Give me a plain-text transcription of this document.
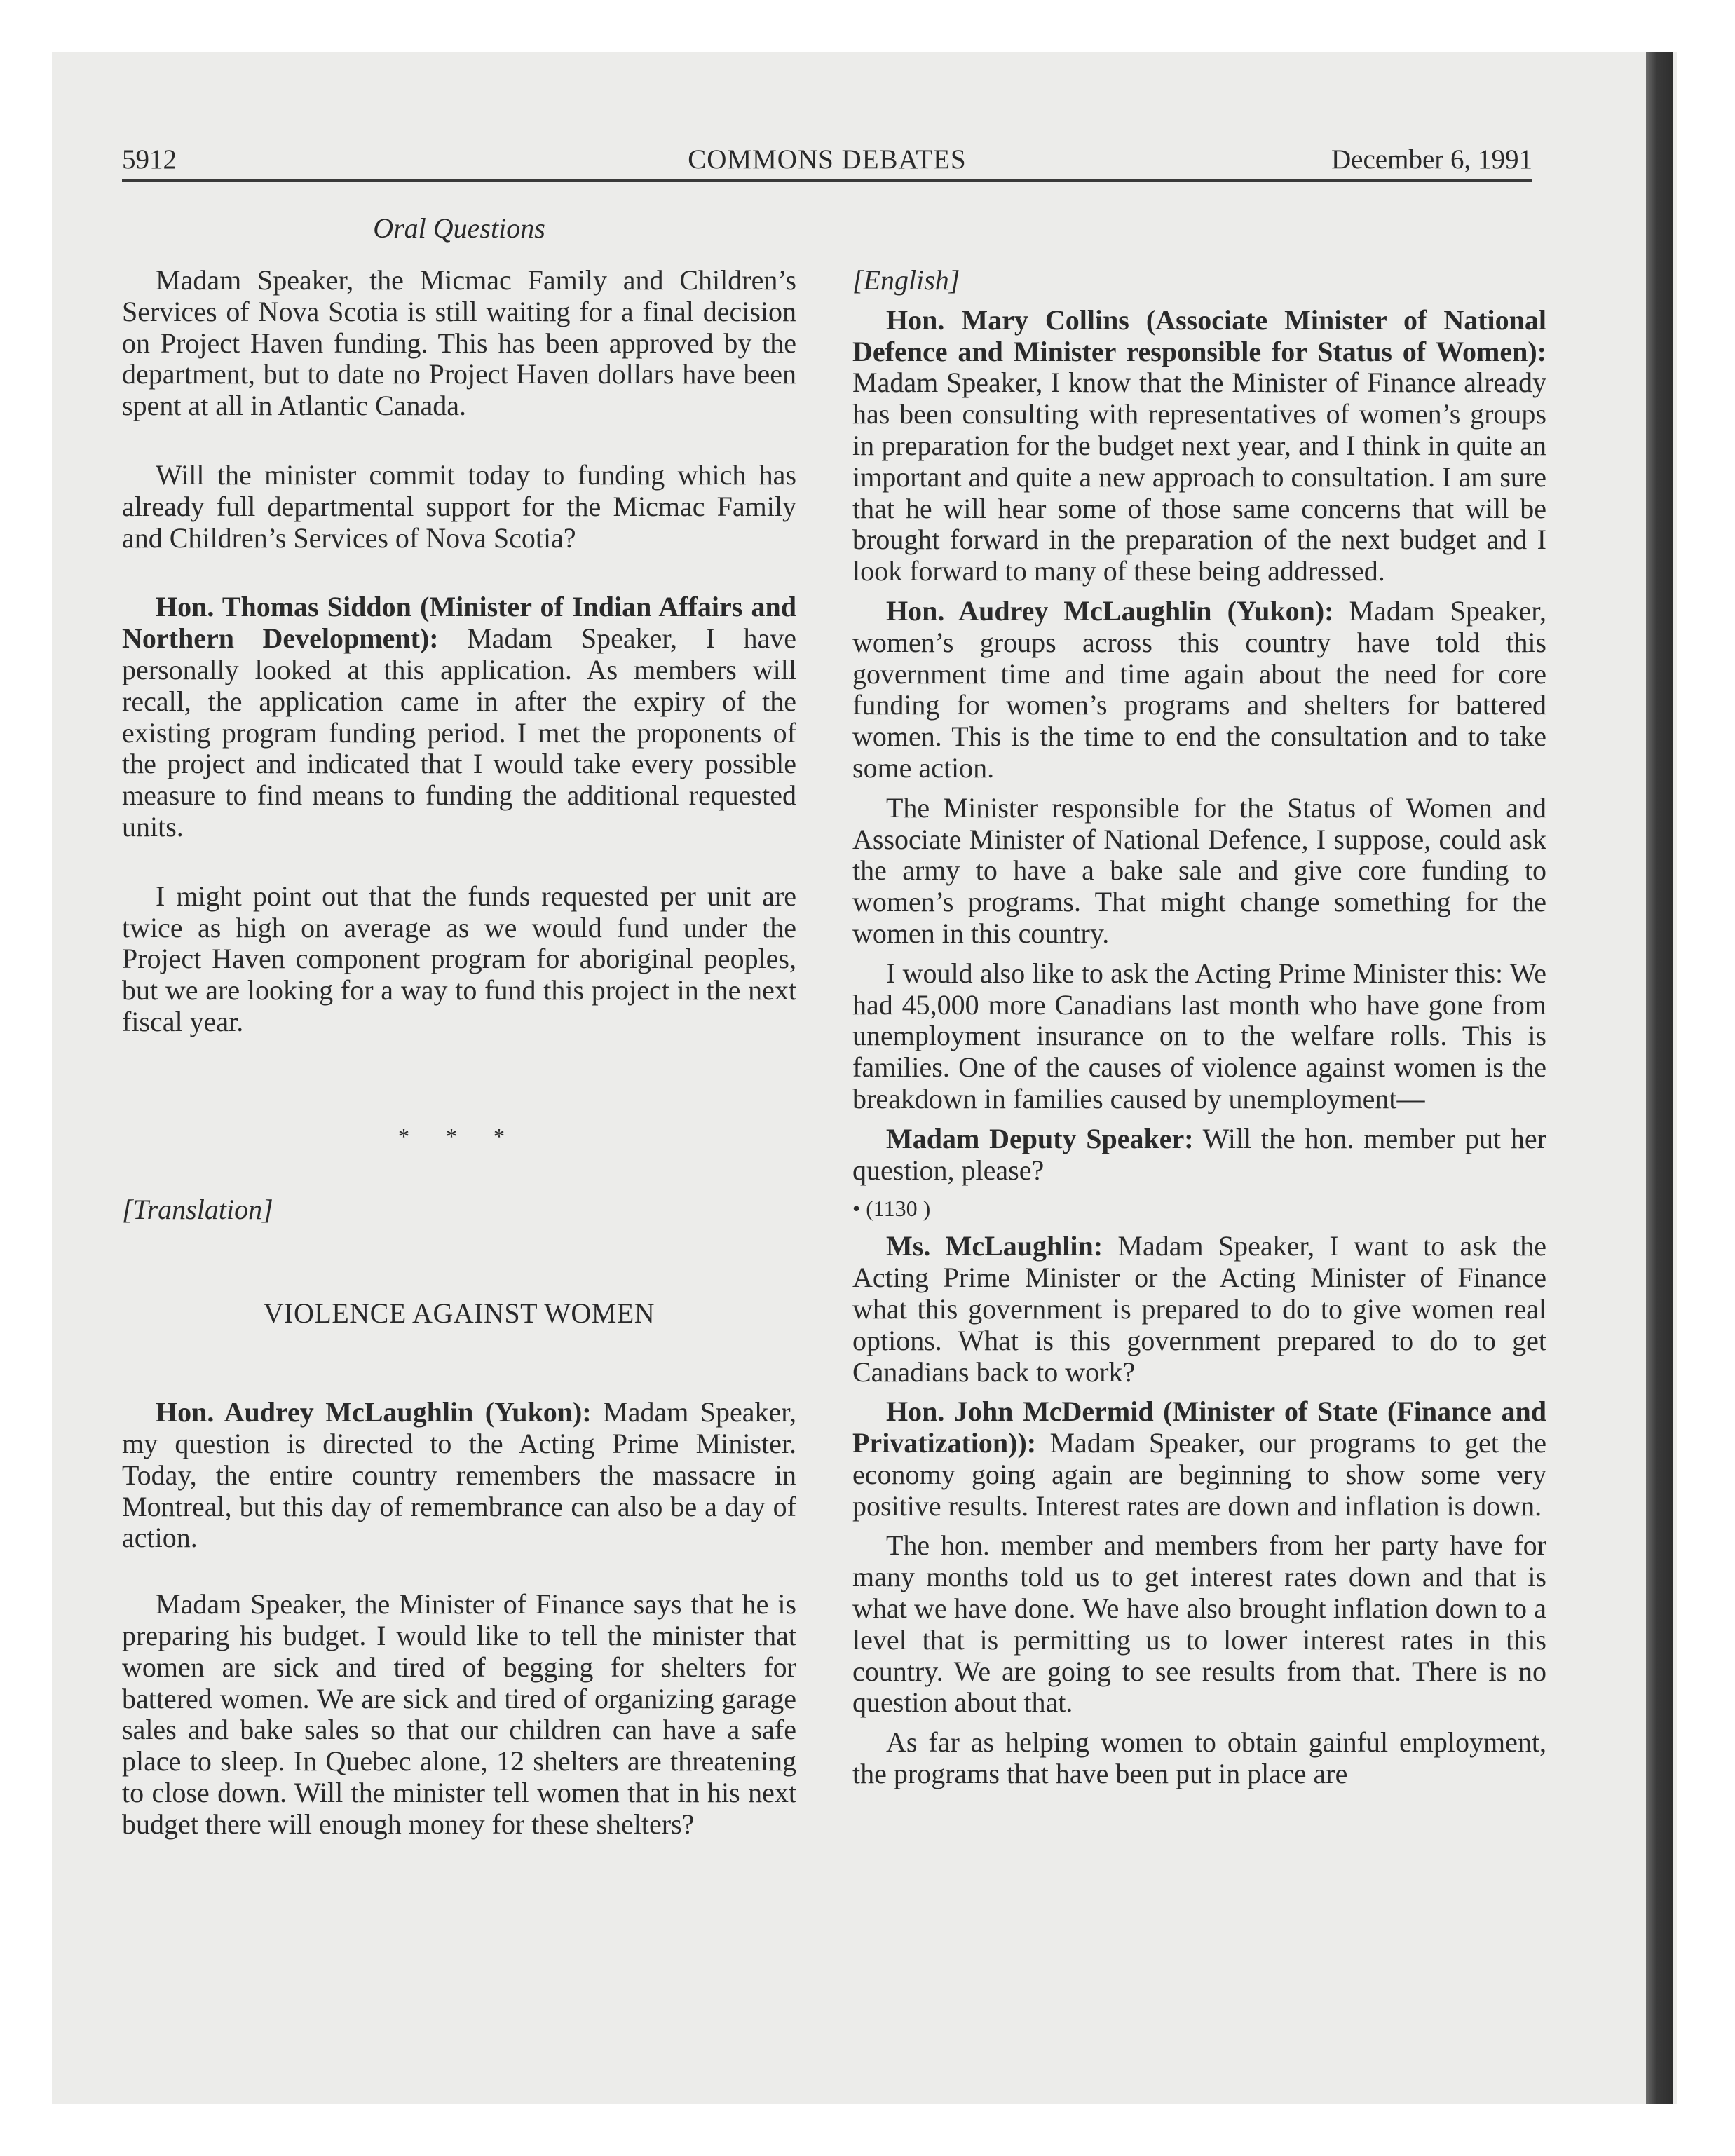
5912	COMMONS DEBATES	December 6, 1991
Oral Questions

Madam Speaker, the Micmac Family and Children’s Services of Nova Scotia is still waiting for a final decision on Project Haven funding. This has been approved by the department, but to date no Project Haven dollars have been spent at all in Atlantic Canada.

Will the minister commit today to funding which has already full departmental support for the Micmac Family and Children’s Services of Nova Scotia?

Hon. Thomas Siddon (Minister of Indian Affairs and Northern Development): Madam Speaker, I have personally looked at this application. As members will recall, the application came in after the expiry of the existing program funding period. I met the proponents of the project and indicated that I would take every possible measure to find means to funding the additional requested units.

I might point out that the funds requested per unit are twice as high on average as we would fund under the Project Haven component program for aboriginal peoples, but we are looking for a way to fund this project in the next fiscal year.

* * *

[Translation]

VIOLENCE AGAINST WOMEN

Hon. Audrey McLaughlin (Yukon): Madam Speaker, my question is directed to the Acting Prime Minister. Today, the entire country remembers the massacre in Montreal, but this day of remembrance can also be a day of action.

Madam Speaker, the Minister of Finance says that he is preparing his budget. I would like to tell the minister that women are sick and tired of begging for shelters for battered women. We are sick and tired of organizing garage sales and bake sales so that our children can have a safe place to sleep. In Quebec alone, 12 shelters are threatening to close down. Will the minister tell women that in his next budget there will enough money for these shelters?

[English]

Hon. Mary Collins (Associate Minister of National Defence and Minister responsible for Status of Women): Madam Speaker, I know that the Minister of Finance already has been consulting with representatives of women’s groups in preparation for the budget next year, and I think in quite an important and quite a new approach to consultation. I am sure that he will hear some of those same concerns that will be brought forward in the preparation of the next budget and I look forward to many of these being addressed.

Hon. Audrey McLaughlin (Yukon): Madam Speaker, women’s groups across this country have told this government time and time again about the need for core funding for women’s programs and shelters for battered women. This is the time to end the consultation and to take some action.

The Minister responsible for the Status of Women and Associate Minister of National Defence, I suppose, could ask the army to have a bake sale and give core funding to women’s programs. That might change something for the women in this country.

I would also like to ask the Acting Prime Minister this: We had 45,000 more Canadians last month who have gone from unemployment insurance on to the welfare rolls. This is families. One of the causes of violence against women is the breakdown in families caused by unemployment—

Madam Deputy Speaker: Will the hon. member put her question, please?

• (1130 )

Ms. McLaughlin: Madam Speaker, I want to ask the Acting Prime Minister or the Acting Minister of Finance what this government is prepared to do to give women real options. What is this government prepared to do to get Canadians back to work?

Hon. John McDermid (Minister of State (Finance and Privatization)): Madam Speaker, our programs to get the economy going again are beginning to show some very positive results. Interest rates are down and inflation is down.

The hon. member and members from her party have for many months told us to get interest rates down and that is what we have done. We have also brought inflation down to a level that is permitting us to lower interest rates in this country. We are going to see results from that. There is no question about that.

As far as helping women to obtain gainful employment, the programs that have been put in place are
